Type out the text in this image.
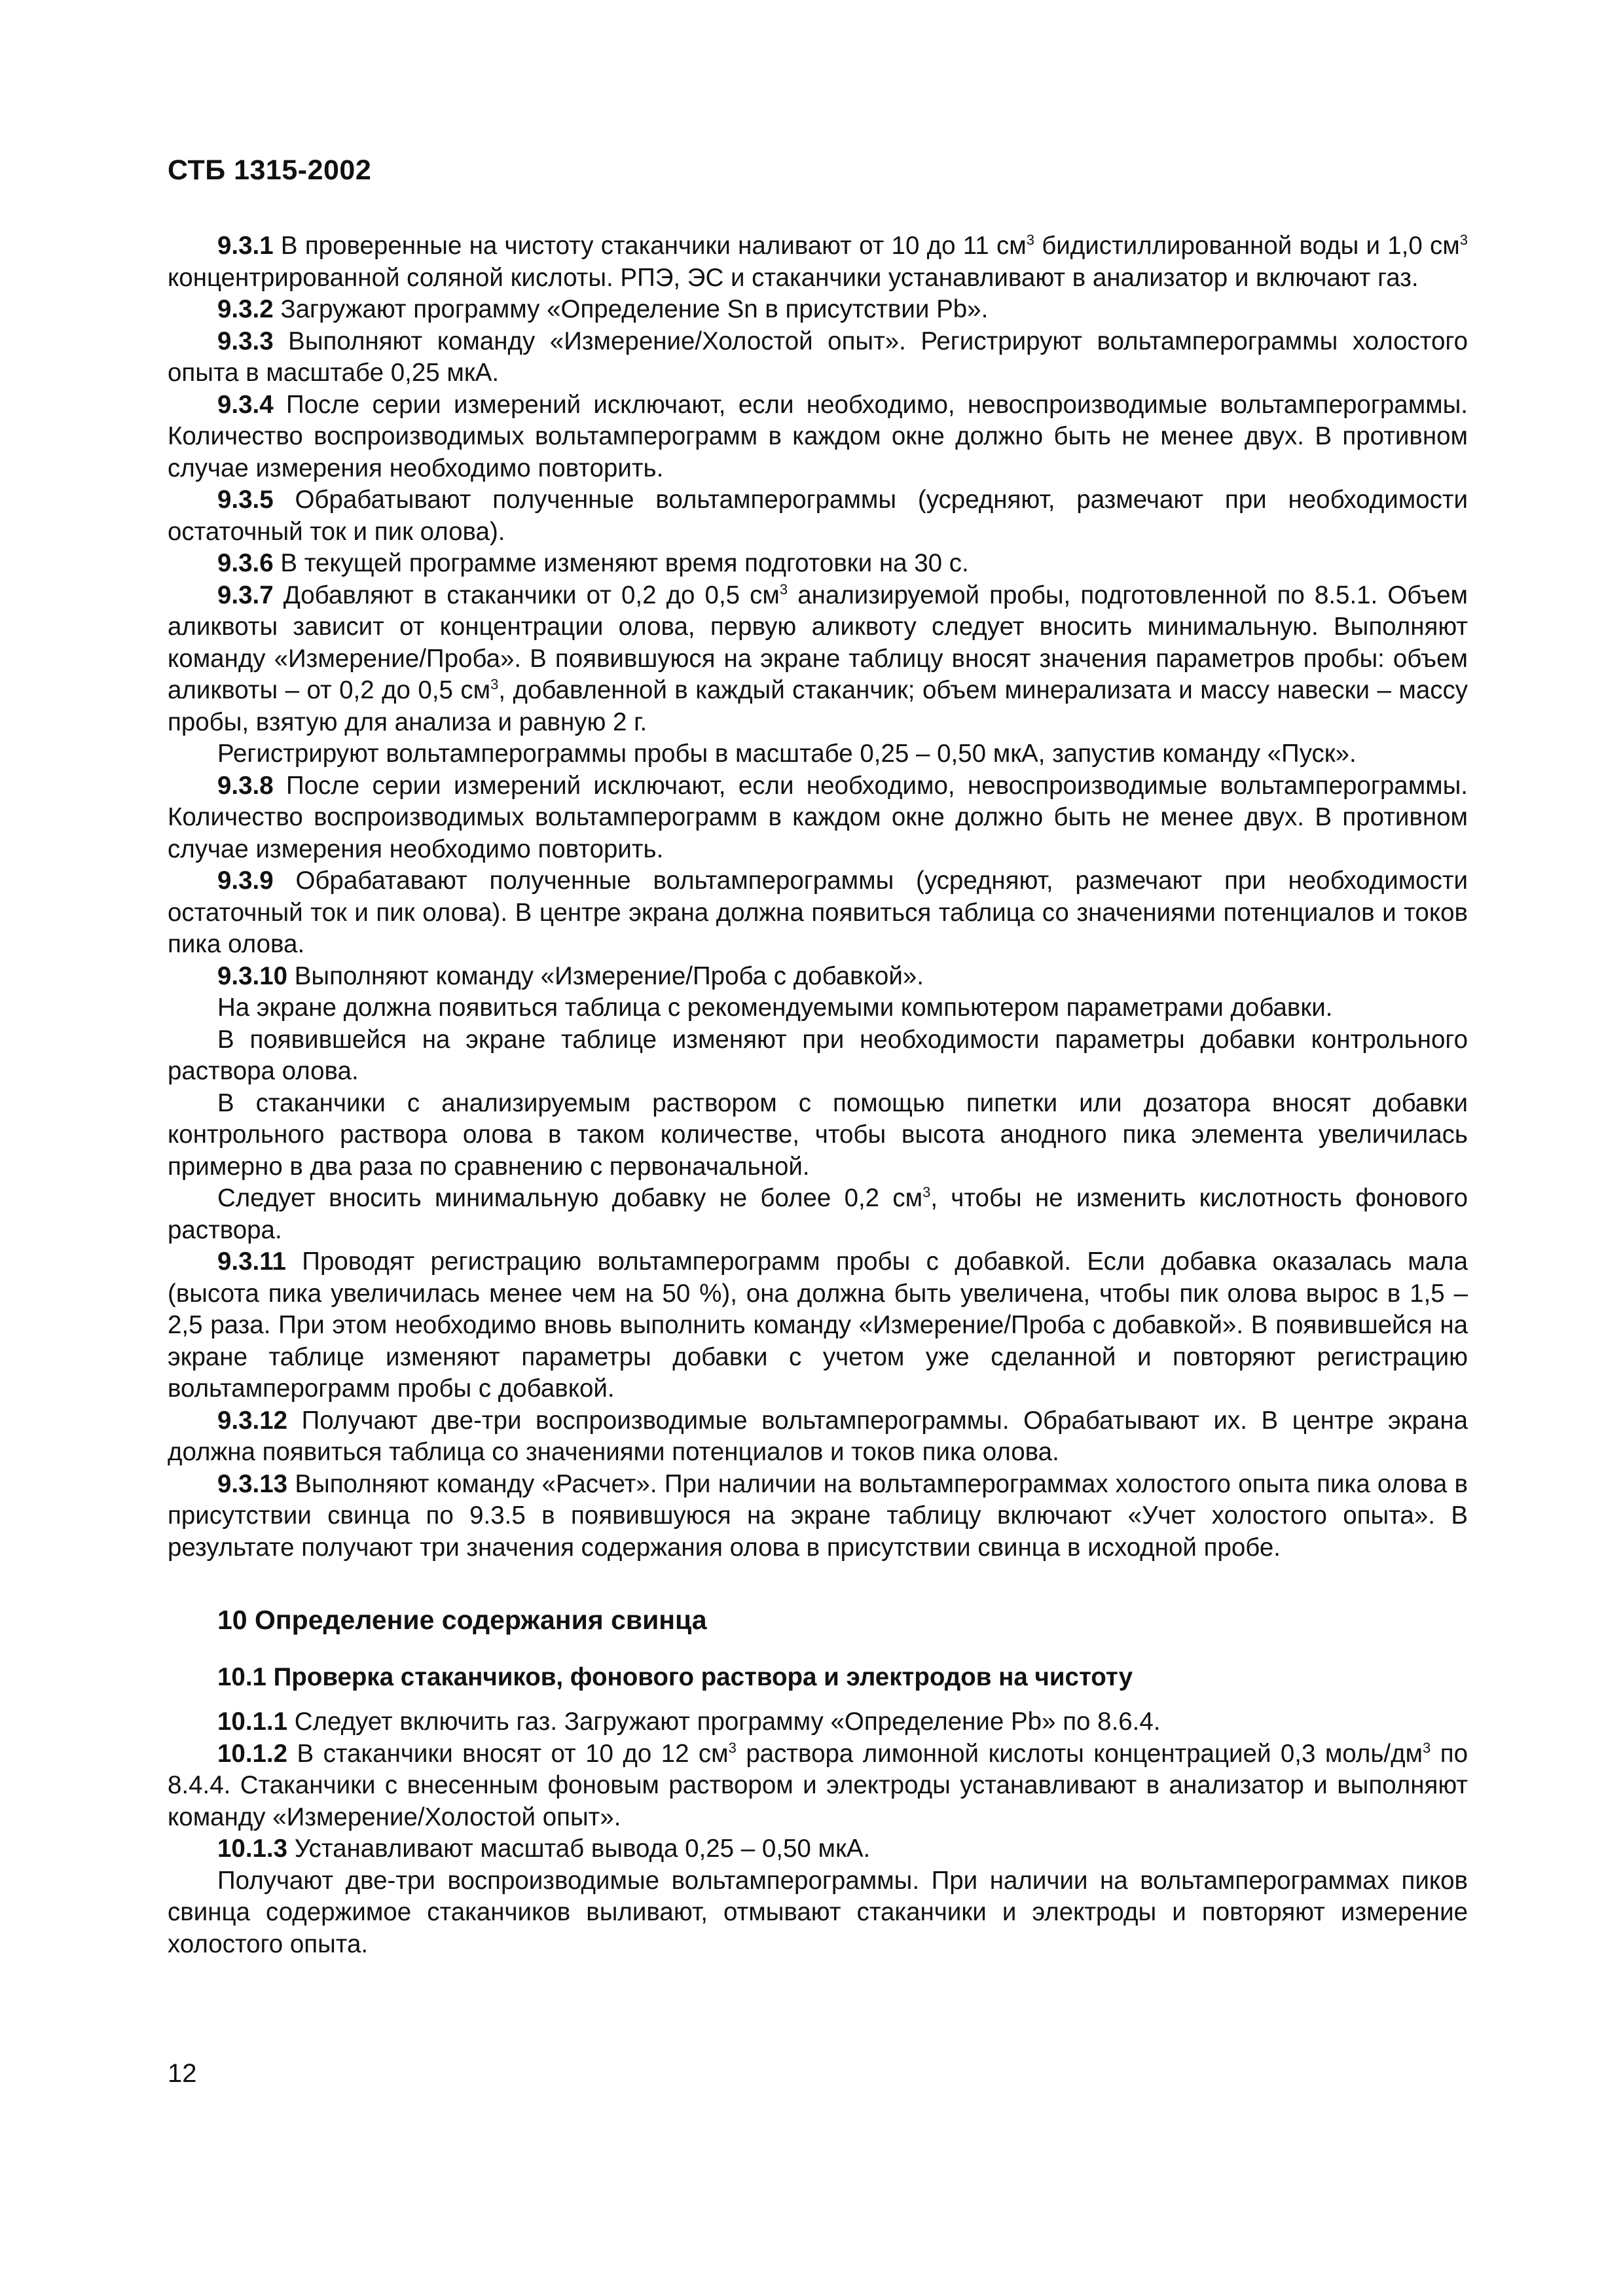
СТБ 1315-2002
9.3.1 В проверенные на чистоту стаканчики наливают от 10 до 11 $см^3$ бидистиллированной воды и 1,0 $см^3$ концентрированной соляной кислоты. РПЭ, ЭС и стаканчики устанавливают в анализатор и включают газ.
9.3.2 Загружают программу «Определение Sn в присутствии Pb».
9.3.3 Выполняют команду «Измерение/Холостой опыт». Регистрируют вольтамперограммы холостого опыта в масштабе 0,25 мкА.
9.3.4 После серии измерений исключают, если необходимо, невоспроизводимые вольтамперограммы. Количество воспроизводимых вольтамперограмм в каждом окне должно быть не менее двух. В противном случае измерения необходимо повторить.
9.3.5 Обрабатывают полученные вольтамперограммы (усредняют, размечают при необходимости остаточный ток и пик олова).
9.3.6 В текущей программе изменяют время подготовки на 30 с.
9.3.7 Добавляют в стаканчики от 0,2 до 0,5 $см^3$ анализируемой пробы, подготовленной по 8.5.1. Объем аликвоты зависит от концентрации олова, первую аликвоту следует вносить минимальную. Выполняют команду «Измерение/Проба». В появившуюся на экране таблицу вносят значения параметров пробы: объем аликвоты – от 0,2 до 0,5 $см^3$, добавленной в каждый стаканчик; объем минерализата и массу навески – массу пробы, взятую для анализа и равную 2 г.
Регистрируют вольтамперограммы пробы в масштабе 0,25 – 0,50 мкА, запустив команду «Пуск».
9.3.8 После серии измерений исключают, если необходимо, невоспроизводимые вольтамперограммы. Количество воспроизводимых вольтамперограмм в каждом окне должно быть не менее двух. В противном случае измерения необходимо повторить.
9.3.9 Обрабатавают полученные вольтамперограммы (усредняют, размечают при необходимости остаточный ток и пик олова). В центре экрана должна появиться таблица со значениями потенциалов и токов пика олова.
9.3.10 Выполняют команду «Измерение/Проба с добавкой».
На экране должна появиться таблица с рекомендуемыми компьютером параметрами добавки.
В появившейся на экране таблице изменяют при необходимости параметры добавки контрольного раствора олова.
В стаканчики с анализируемым раствором с помощью пипетки или дозатора вносят добавки контрольного раствора олова в таком количестве, чтобы высота анодного пика элемента увеличилась примерно в два раза по сравнению с первоначальной.
Следует вносить минимальную добавку не более 0,2 $см^3$, чтобы не изменить кислотность фонового раствора.
9.3.11 Проводят регистрацию вольтамперограмм пробы с добавкой. Если добавка оказалась мала (высота пика увеличилась менее чем на 50 %), она должна быть увеличена, чтобы пик олова вырос в 1,5 – 2,5 раза. При этом необходимо вновь выполнить команду «Измерение/Проба с добавкой». В появившейся на экране таблице изменяют параметры добавки с учетом уже сделанной и повторяют регистрацию вольтамперограмм пробы с добавкой.
9.3.12 Получают две-три воспроизводимые вольтамперограммы. Обрабатывают их. В центре экрана должна появиться таблица со значениями потенциалов и токов пика олова.
9.3.13 Выполняют команду «Расчет». При наличии на вольтамперограммах холостого опыта пика олова в присутствии свинца по 9.3.5 в появившуюся на экране таблицу включают «Учет холостого опыта». В результате получают три значения содержания олова в присутствии свинца в исходной пробе.
10 Определение содержания свинца
10.1 Проверка стаканчиков, фонового раствора и электродов на чистоту
10.1.1 Следует включить газ. Загружают программу «Определение Pb» по 8.6.4.
10.1.2 В стаканчики вносят от 10 до 12 $см^3$ раствора лимонной кислоты концентрацией 0,3 моль/$дм^3$ по 8.4.4. Стаканчики с внесенным фоновым раствором и электроды устанавливают в анализатор и выполняют команду «Измерение/Холостой опыт».
10.1.3 Устанавливают масштаб вывода 0,25 – 0,50 мкА.
Получают две-три воспроизводимые вольтамперограммы. При наличии на вольтамперограммах пиков свинца содержимое стаканчиков выливают, отмывают стаканчики и электроды и повторяют измерение холостого опыта.
12
